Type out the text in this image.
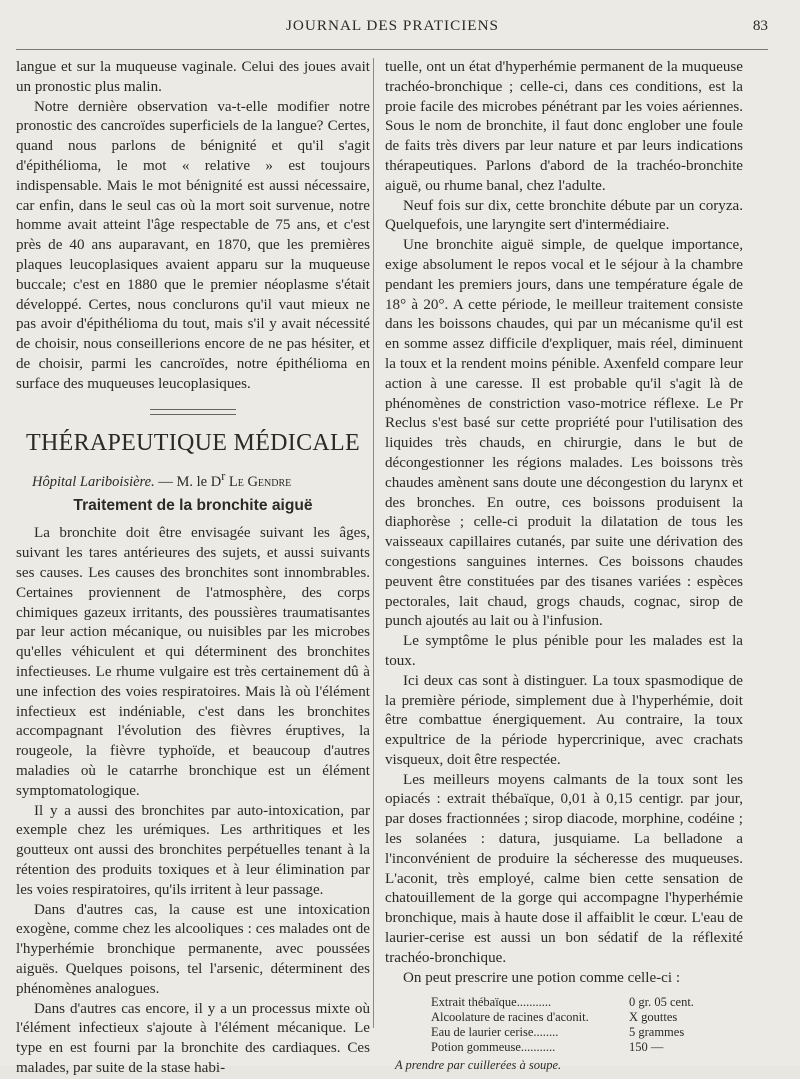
JOURNAL DES PRATICIENS	83

langue et sur la muqueuse vaginale. Celui des joues avait un pronostic plus malin.

Notre dernière observation va-t-elle modifier notre pronostic des cancroïdes superficiels de la langue? Certes, quand nous parlons de bénignité et qu'il s'agit d'épithélioma, le mot « relative » est toujours indispensable. Mais le mot bénignité est aussi nécessaire, car enfin, dans le seul cas où la mort soit survenue, notre homme avait atteint l'âge respectable de 75 ans, et c'est près de 40 ans auparavant, en 1870, que les premières plaques leucoplasiques avaient apparu sur la muqueuse buccale; c'est en 1880 que le premier néoplasme s'était développé. Certes, nous conclurons qu'il vaut mieux ne pas avoir d'épithélioma du tout, mais s'il y avait nécessité de choisir, nous conseillerions encore de ne pas hésiter, et de choisir, parmi les cancroïdes, notre épithélioma en surface des muqueuses leucoplasiques.

THÉRAPEUTIQUE MÉDICALE
Hôpital Lariboisière. — M. le $D^r$ Le Gendre
Traitement de la bronchite aiguë

La bronchite doit être envisagée suivant les âges, suivant les tares antérieures des sujets, et aussi suivants ses causes. Les causes des bronchites sont innombrables. Certaines proviennent de l'atmosphère, des corps chimiques gazeux irritants, des poussières traumatisantes par leur action mécanique, ou nuisibles par les microbes qu'elles véhiculent et qui déterminent des bronchites infectieuses. Le rhume vulgaire est très certainement dû à une infection des voies respiratoires. Mais là où l'élément infectieux est indéniable, c'est dans les bronchites accompagnant l'évolution des fièvres éruptives, la rougeole, la fièvre typhoïde, et beaucoup d'autres maladies où le catarrhe bronchique est un élément symptomatologique.

Il y a aussi des bronchites par auto-intoxication, par exemple chez les urémiques. Les arthritiques et les goutteux ont aussi des bronchites perpétuelles tenant à la rétention des produits toxiques et à leur élimination par les voies respiratoires, qu'ils irritent à leur passage.

Dans d'autres cas, la cause est une intoxication exogène, comme chez les alcooliques : ces malades ont de l'hyperhémie bronchique permanente, avec poussées aiguës. Quelques poisons, tel l'arsenic, déterminent des phénomènes analogues.

Dans d'autres cas encore, il y a un processus mixte où l'élément infectieux s'ajoute à l'élément mécanique. Le type en est fourni par la bronchite des cardiaques. Ces malades, par suite de la stase habi-

tuelle, ont un état d'hyperhémie permanent de la muqueuse trachéo-bronchique ; celle-ci, dans ces conditions, est la proie facile des microbes pénétrant par les voies aériennes. Sous le nom de bronchite, il faut donc englober une foule de faits très divers par leur nature et par leurs indications thérapeutiques. Parlons d'abord de la trachéo-bronchite aiguë, ou rhume banal, chez l'adulte.

Neuf fois sur dix, cette bronchite débute par un coryza. Quelquefois, une laryngite sert d'intermédiaire.

Une bronchite aiguë simple, de quelque importance, exige absolument le repos vocal et le séjour à la chambre pendant les premiers jours, dans une température égale de 18° à 20°. A cette période, le meilleur traitement consiste dans les boissons chaudes, qui par un mécanisme qu'il est en somme assez difficile d'expliquer, mais réel, diminuent la toux et la rendent moins pénible. Axenfeld compare leur action à une caresse. Il est probable qu'il s'agit là de phénomènes de constriction vaso-motrice réflexe. Le Pr Reclus s'est basé sur cette propriété pour l'utilisation des liquides très chauds, en chirurgie, dans le but de décongestionner les régions malades. Les boissons très chaudes amènent sans doute une décongestion du larynx et des bronches. En outre, ces boissons produisent la diaphorèse ; celle-ci produit la dilatation de tous les vaisseaux capillaires cutanés, par suite une dérivation des congestions sanguines internes. Ces boissons chaudes peuvent être constituées par des tisanes variées : espèces pectorales, lait chaud, grogs chauds, cognac, sirop de punch ajoutés au lait ou à l'infusion.

Le symptôme le plus pénible pour les malades est la toux.

Ici deux cas sont à distinguer. La toux spasmodique de la première période, simplement due à l'hyperhémie, doit être combattue énergiquement. Au contraire, la toux expultrice de la période hypercrinique, avec crachats visqueux, doit être respectée.

Les meilleurs moyens calmants de la toux sont les opiacés : extrait thébaïque, 0,01 à 0,15 centigr. par jour, par doses fractionnées ; sirop diacode, morphine, codéine ; les solanées : datura, jusquiame. La belladone a l'inconvénient de produire la sécheresse des muqueuses. L'aconit, très employé, calme bien cette sensation de chatouillement de la gorge qui accompagne l'hyperhémie bronchique, mais à haute dose il affaiblit le cœur. L'eau de laurier-cerise est aussi un bon sédatif de la réflexité trachéo-bronchique.

On peut prescrire une potion comme celle-ci :

Extrait thébaïque...........	0 gr. 05 cent.
Alcoolature de racines d'aconit.	X gouttes
Eau de laurier cerise........	5 grammes
Potion gommeuse...........	150 —
A prendre par cuillerées à soupe.
